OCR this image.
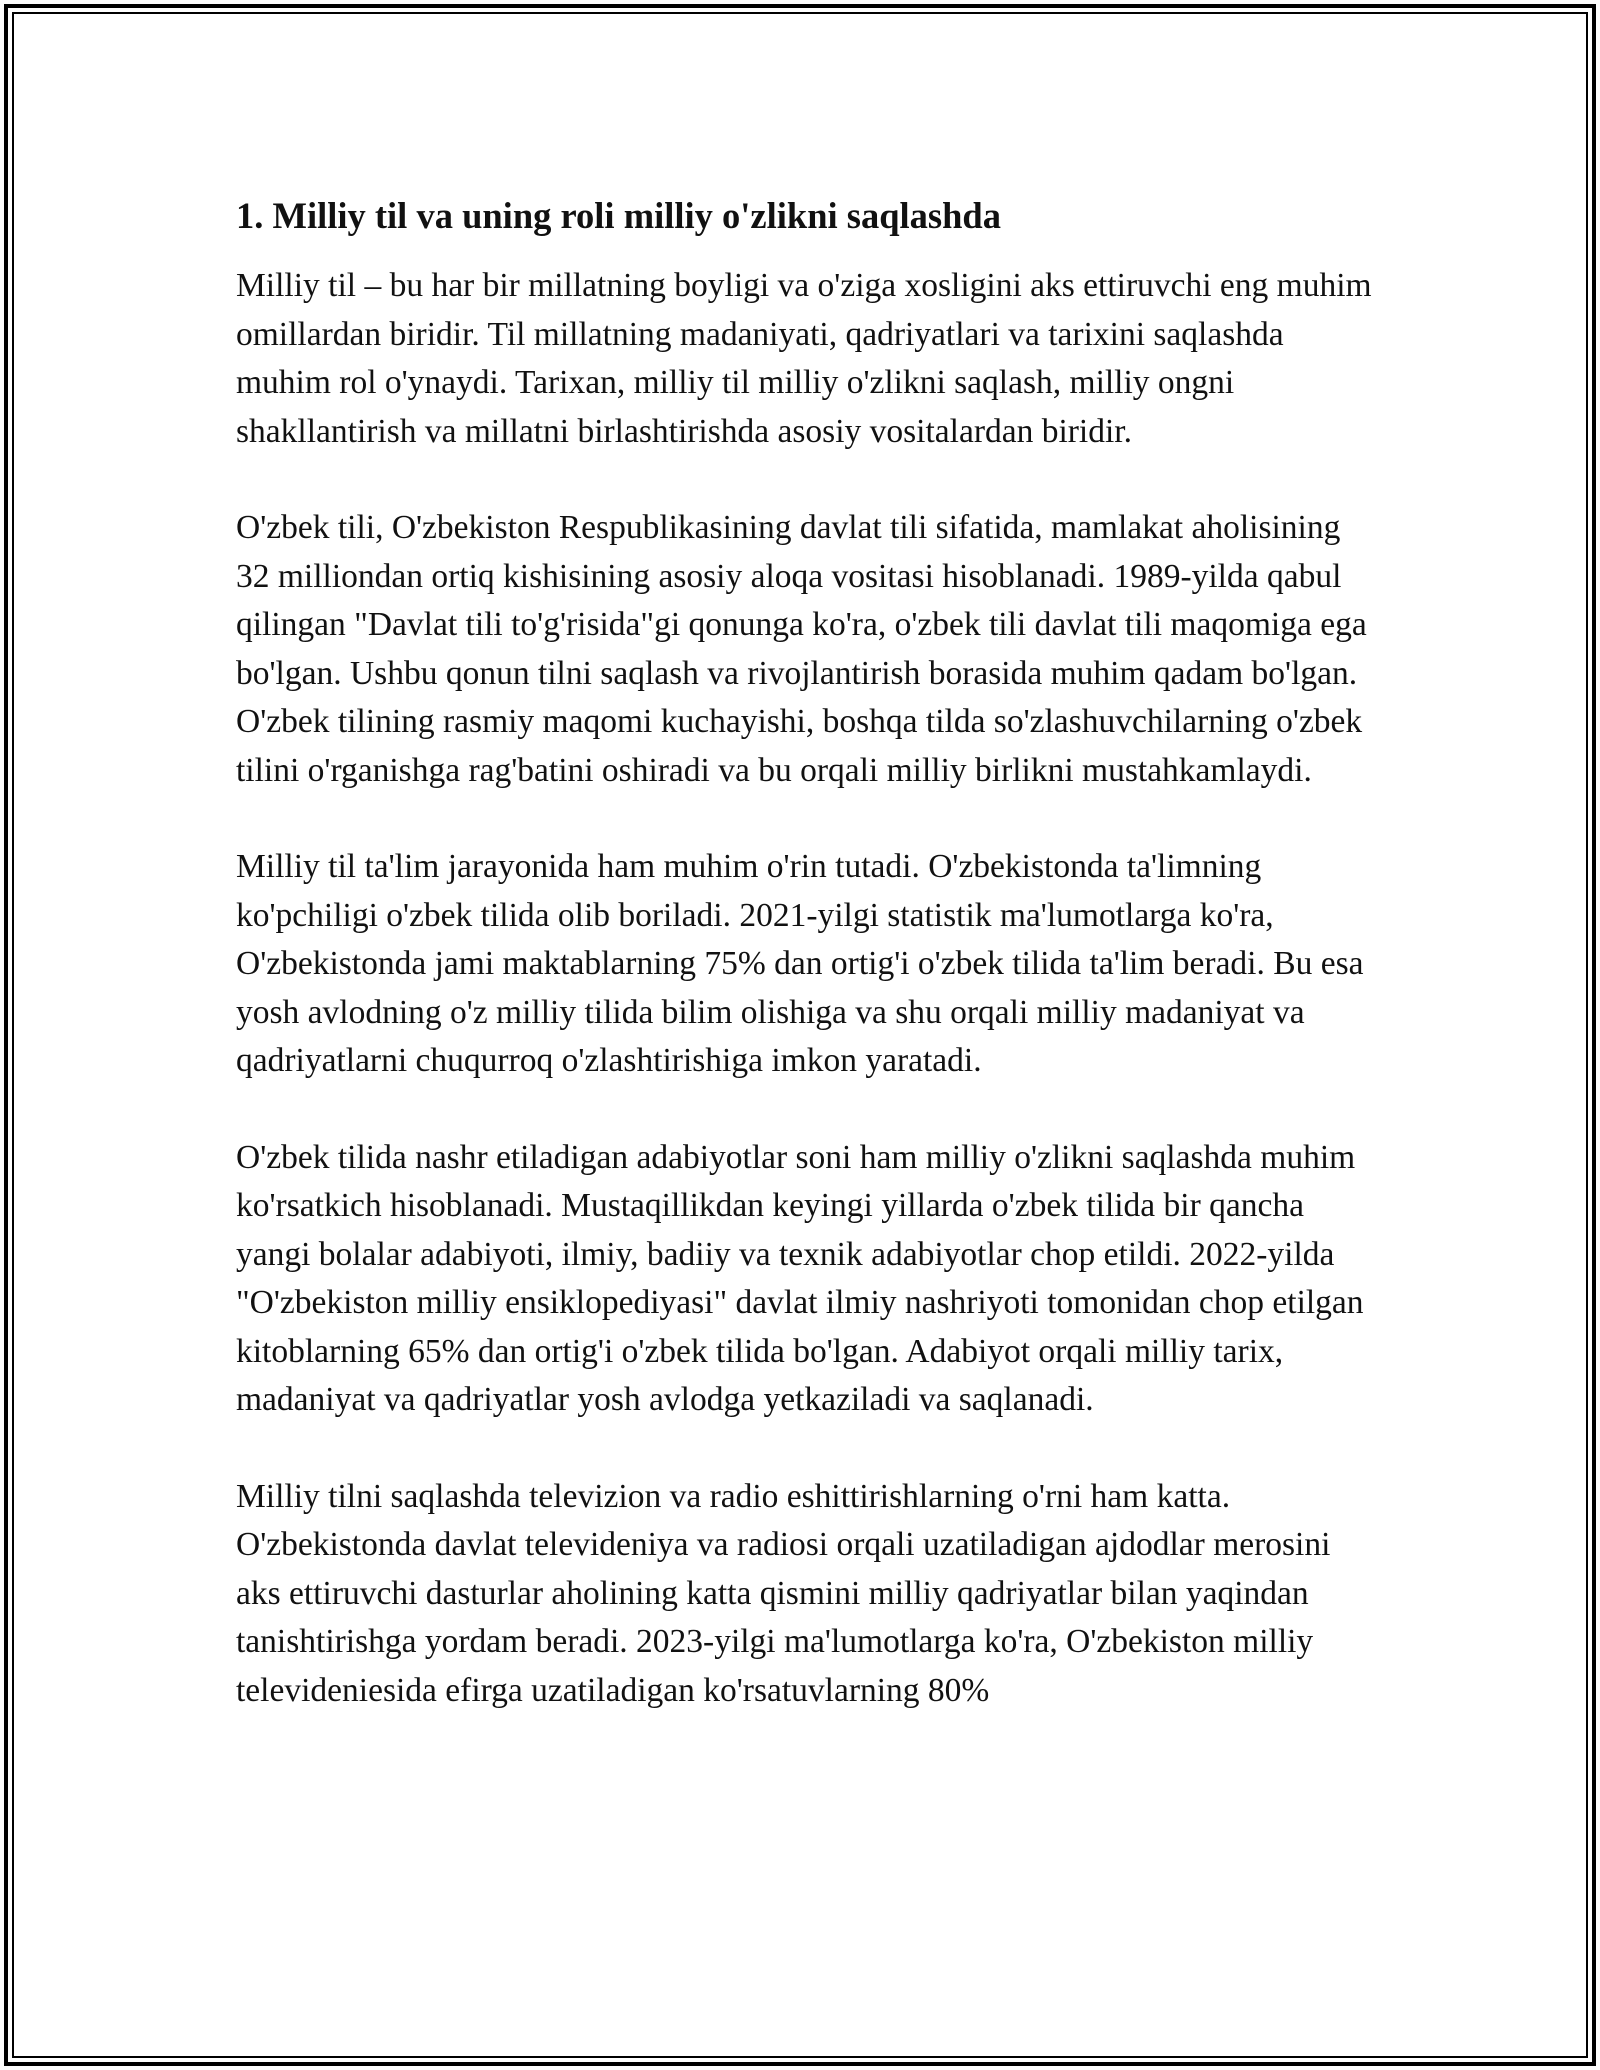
1. Milliy til va uning roli milliy o'zlikni saqlashda

Milliy til – bu har bir millatning boyligi va o'ziga xosligini aks ettiruvchi eng muhim omillardan biridir. Til millatning madaniyati, qadriyatlari va tarixini saqlashda muhim rol o'ynaydi. Tarixan, milliy til milliy o'zlikni saqlash, milliy ongni shakllantirish va millatni birlashtirishda asosiy vositalardan biridir.

O'zbek tili, O'zbekiston Respublikasining davlat tili sifatida, mamlakat aholisining 32 milliondan ortiq kishisining asosiy aloqa vositasi hisoblanadi. 1989-yilda qabul qilingan "Davlat tili to'g'risida"gi qonunga ko'ra, o'zbek tili davlat tili maqomiga ega bo'lgan. Ushbu qonun tilni saqlash va rivojlantirish borasida muhim qadam bo'lgan. O'zbek tilining rasmiy maqomi kuchayishi, boshqa tilda so'zlashuvchilarning o'zbek tilini o'rganishga rag'batini oshiradi va bu orqali milliy birlikni mustahkamlaydi.

Milliy til ta'lim jarayonida ham muhim o'rin tutadi. O'zbekistonda ta'limning ko'pchiligi o'zbek tilida olib boriladi. 2021-yilgi statistik ma'lumotlarga ko'ra, O'zbekistonda jami maktablarning 75% dan ortig'i o'zbek tilida ta'lim beradi. Bu esa yosh avlodning o'z milliy tilida bilim olishiga va shu orqali milliy madaniyat va qadriyatlarni chuqurroq o'zlashtirishiga imkon yaratadi.

O'zbek tilida nashr etiladigan adabiyotlar soni ham milliy o'zlikni saqlashda muhim ko'rsatkich hisoblanadi. Mustaqillikdan keyingi yillarda o'zbek tilida bir qancha yangi bolalar adabiyoti, ilmiy, badiiy va texnik adabiyotlar chop etildi. 2022-yilda "O'zbekiston milliy ensiklopediyasi" davlat ilmiy nashriyoti tomonidan chop etilgan kitoblarning 65% dan ortig'i o'zbek tilida bo'lgan. Adabiyot orqali milliy tarix, madaniyat va qadriyatlar yosh avlodga yetkaziladi va saqlanadi.

Milliy tilni saqlashda televizion va radio eshittirishlarning o'rni ham katta. O'zbekistonda davlat televideniya va radiosi orqali uzatiladigan ajdodlar merosini aks ettiruvchi dasturlar aholining katta qismini milliy qadriyatlar bilan yaqindan tanishtirishga yordam beradi. 2023-yilgi ma'lumotlarga ko'ra, O'zbekiston milliy televideniesida efirga uzatiladigan ko'rsatuvlarning 80%
